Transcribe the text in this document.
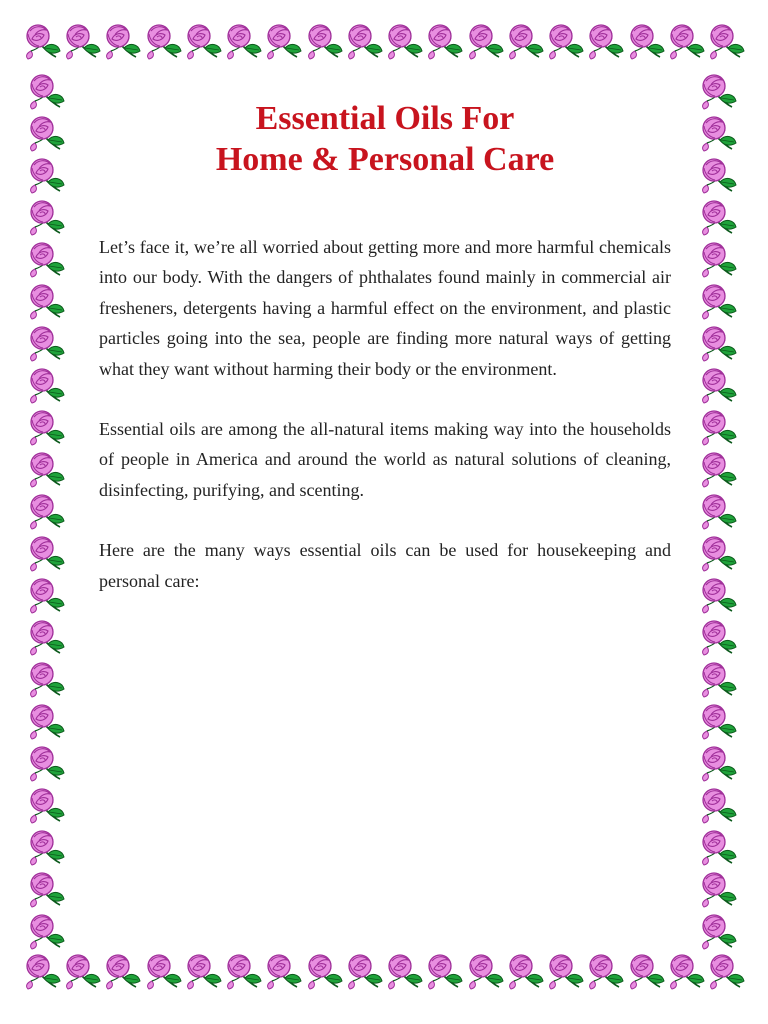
Essential Oils For
Home & Personal Care

Let’s face it, we’re all worried about getting more and more harmful chemicals into our body. With the dangers of phthalates found mainly in commercial air fresheners, detergents having a harmful effect on the environment, and plastic particles going into the sea, people are finding more natural ways of getting what they want without harming their body or the environment.

Essential oils are among the all-natural items making way into the households of people in America and around the world as natural solutions of cleaning, disinfecting, purifying, and scenting.

Here are the many ways essential oils can be used for housekeeping and personal care:
